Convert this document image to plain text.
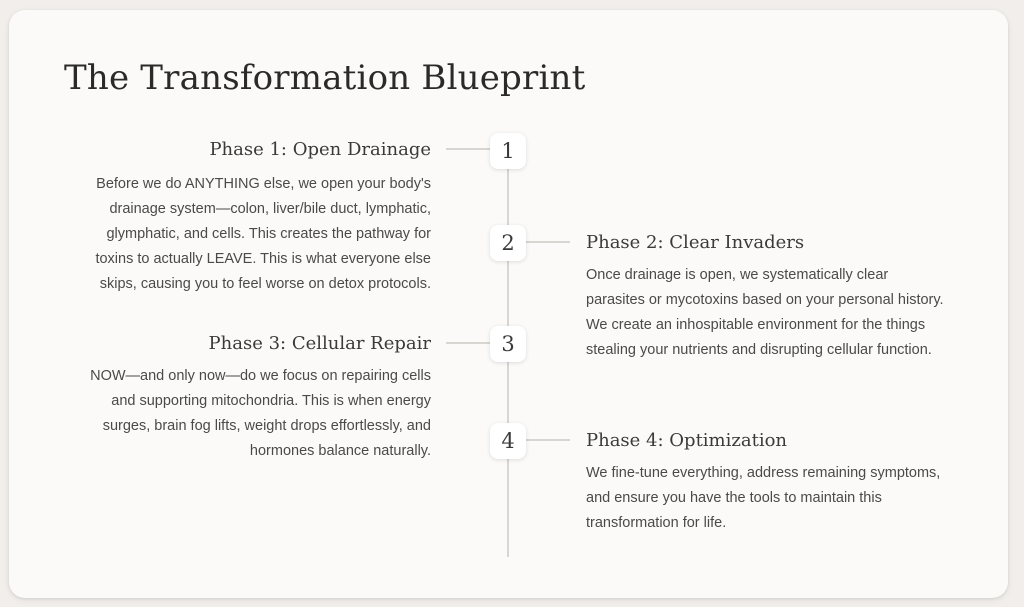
The Transformation Blueprint
1
Phase 1: Open Drainage

Before we do ANYTHING else, we open your body's drainage system—colon, liver/bile duct, lymphatic, glymphatic, and cells. This creates the pathway for toxins to actually LEAVE. This is what everyone else skips, causing you to feel worse on detox protocols.

2	Phase 2: Clear Invaders

Once drainage is open, we systematically clear parasites or mycotoxins based on your personal history. We create an inhospitable environment for the things stealing your nutrients and disrupting cellular function.

3
Phase 3: Cellular Repair

NOW—and only now—do we focus on repairing cells and supporting mitochondria. This is when energy surges, brain fog lifts, weight drops effortlessly, and hormones balance naturally.	4	Phase 4: Optimization

We fine-tune everything, address remaining symptoms, and ensure you have the tools to maintain this transformation for life.
